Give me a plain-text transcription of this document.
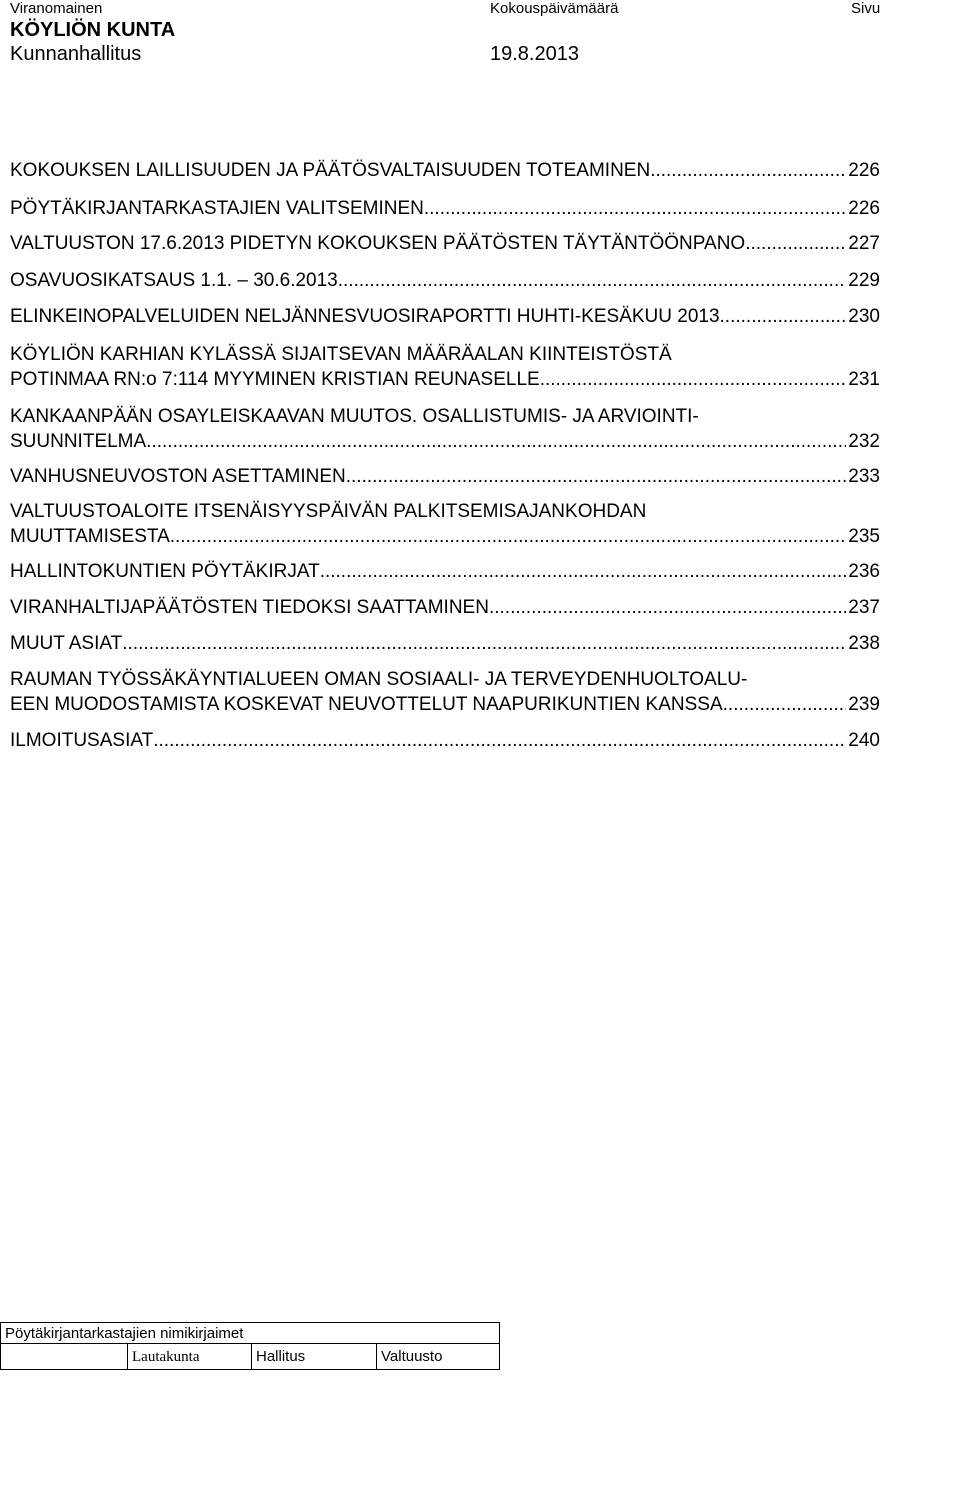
Viranomainen	Kokouspäivämäärä	Sivu
KÖYLIÖN KUNTA
Kunnanhallitus	19.8.2013
KOKOUKSEN LAILLISUUDEN JA PÄÄTÖSVALTAISUUDEN TOTEAMINEN .....	226
PÖYTÄKIRJANTARKASTAJIEN VALITSEMINEN .....	226
VALTUUSTON 17.6.2013 PIDETYN KOKOUKSEN PÄÄTÖSTEN TÄYTÄNTÖÖNPANO .....	227
OSAVUOSIKATSAUS 1.1. – 30.6.2013. .....	229
ELINKEINOPALVELUIDEN NELJÄNNESVUOSIRAPORTTI HUHTI-KESÄKUU 2013 .....	230
KÖYLIÖN KARHIAN KYLÄSSÄ SIJAITSEVAN MÄÄRÄALAN KIINTEISTÖSTÄ
POTINMAA RN:o 7:114 MYYMINEN KRISTIAN REUNASELLE .....	231
KANKAANPÄÄN OSAYLEISKAAVAN MUUTOS. OSALLISTUMIS- JA ARVIOINTI-
SUUNNITELMA. .....	232
VANHUSNEUVOSTON ASETTAMINEN .....	233
VALTUUSTOALOITE ITSENÄISYYSPÄIVÄN PALKITSEMISAJANKOHDAN
MUUTTAMISESTA .....	235
HALLINTOKUNTIEN PÖYTÄKIRJAT .....	236
VIRANHALTIJAPÄÄTÖSTEN TIEDOKSI SAATTAMINEN .....	237
MUUT ASIAT .....	238
RAUMAN TYÖSSÄKÄYNTIALUEEN OMAN SOSIAALI- JA TERVEYDENHUOLTOALU-
EEN MUODOSTAMISTA KOSKEVAT NEUVOTTELUT NAAPURIKUNTIEN KANSSA .....	239
ILMOITUSASIAT .....	240
Pöytäkirjantarkastajien nimikirjaimet
Lautakunta	Hallitus	Valtuusto
